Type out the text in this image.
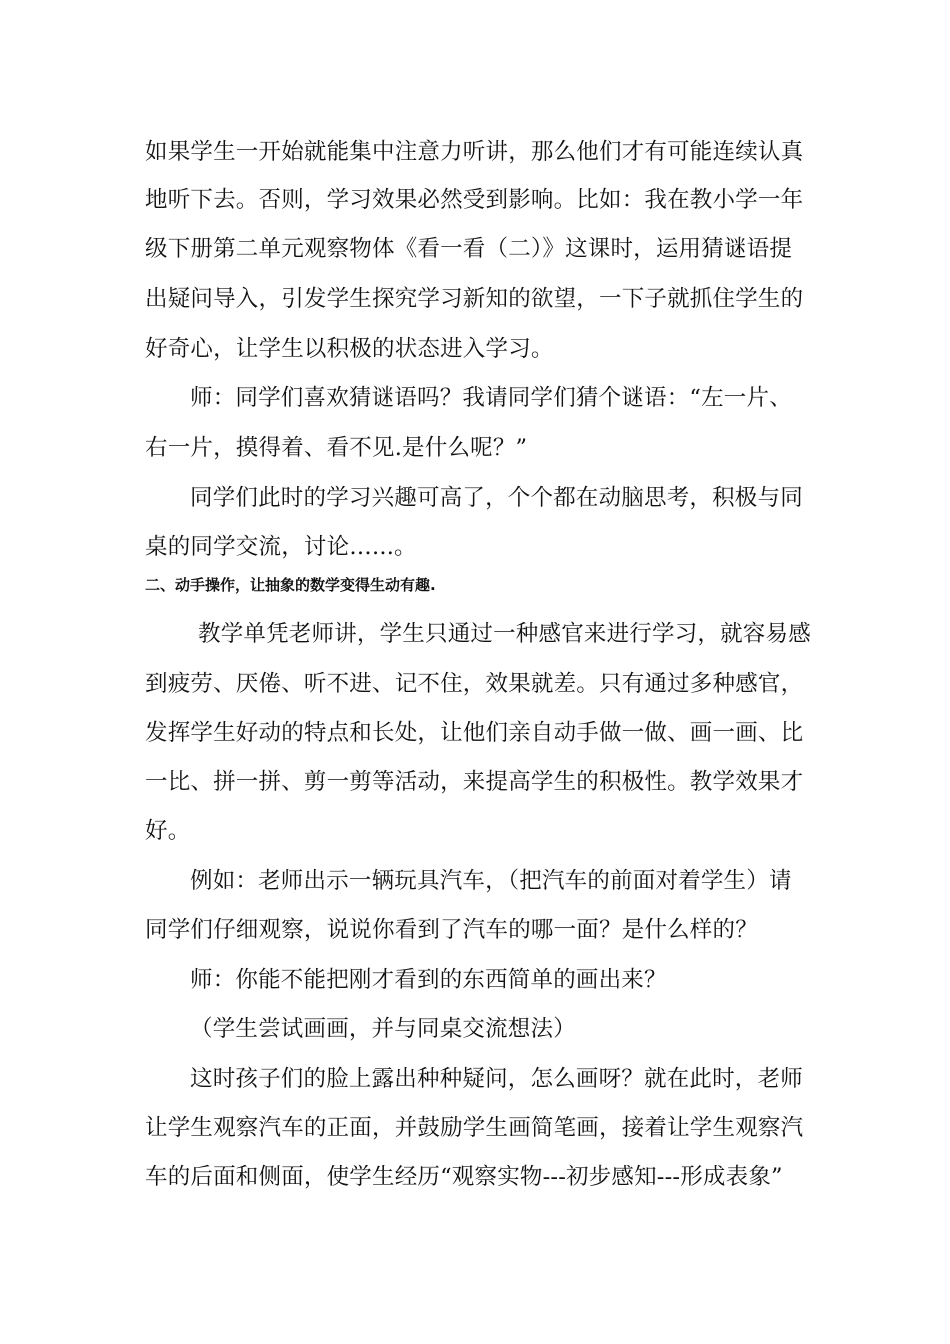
如果学生一开始就能集中注意力听讲，那么他们才有可能连续认真
地听下去。否则，学习效果必然受到影响。比如：我在教小学一年
级下册第二单元观察物体《看一看（二）》这课时，运用猜谜语提
出疑问导入，引发学生探究学习新知的欲望，一下子就抓住学生的
好奇心，让学生以积极的状态进入学习。
师：同学们喜欢猜谜语吗？我请同学们猜个谜语：“左一片、
右一片，摸得着、看不见.是什么呢？”
同学们此时的学习兴趣可高了，个个都在动脑思考，积极与同
桌的同学交流，讨论…...。
二、动手操作，让抽象的数学变得生动有趣.
教学单凭老师讲，学生只通过一种感官来进行学习，就容易感
到疲劳、厌倦、听不进、记不住，效果就差。只有通过多种感官，
发挥学生好动的特点和长处，让他们亲自动手做一做、画一画、比
一比、拼一拼、剪一剪等活动，来提高学生的积极性。教学效果才
好。
例如：老师出示一辆玩具汽车，（把汽车的前面对着学生）请
同学们仔细观察，说说你看到了汽车的哪一面？是什么样的？
师：你能不能把刚才看到的东西简单的画出来？
（学生尝试画画，并与同桌交流想法）
这时孩子们的脸上露出种种疑问，怎么画呀？就在此时，老师
让学生观察汽车的正面，并鼓励学生画简笔画，接着让学生观察汽
车的后面和侧面，使学生经历“观察实物---初步感知---形成表象”
